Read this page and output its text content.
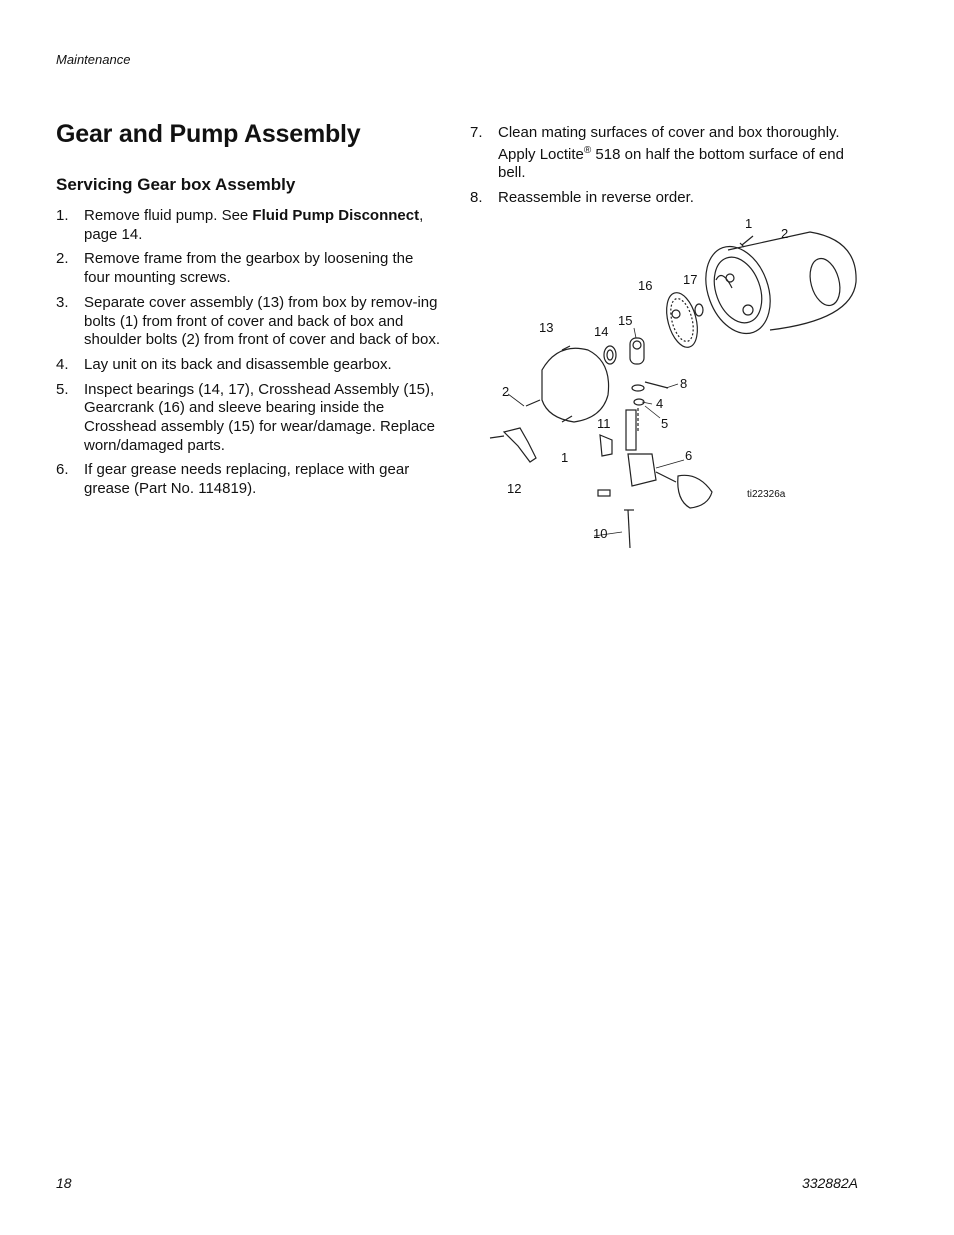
Maintenance
Gear and Pump Assembly
Servicing Gear box Assembly
1. Remove fluid pump. See Fluid Pump Disconnect, page 14.
2. Remove frame from the gearbox by loosening the four mounting screws.
3. Separate cover assembly (13) from box by remov-ing bolts (1) from front of cover and back of box and shoulder bolts (2) from front of cover and back of box.
4. Lay unit on its back and disassemble gearbox.
5. Inspect bearings (14, 17), Crosshead Assembly (15), Gearcrank (16) and sleeve bearing inside the Crosshead assembly (15) for wear/damage. Replace worn/damaged parts.
6. If gear grease needs replacing, replace with gear grease (Part No. 114819).
7. Clean mating surfaces of cover and box thoroughly.
Apply Loctite® 518 on half the bottom surface of end bell.
8. Reassemble in reverse order.
1
2
16 17
13	14
15
8
2
4
5
11
1	6
12
10
ti22326a
18	332882A
